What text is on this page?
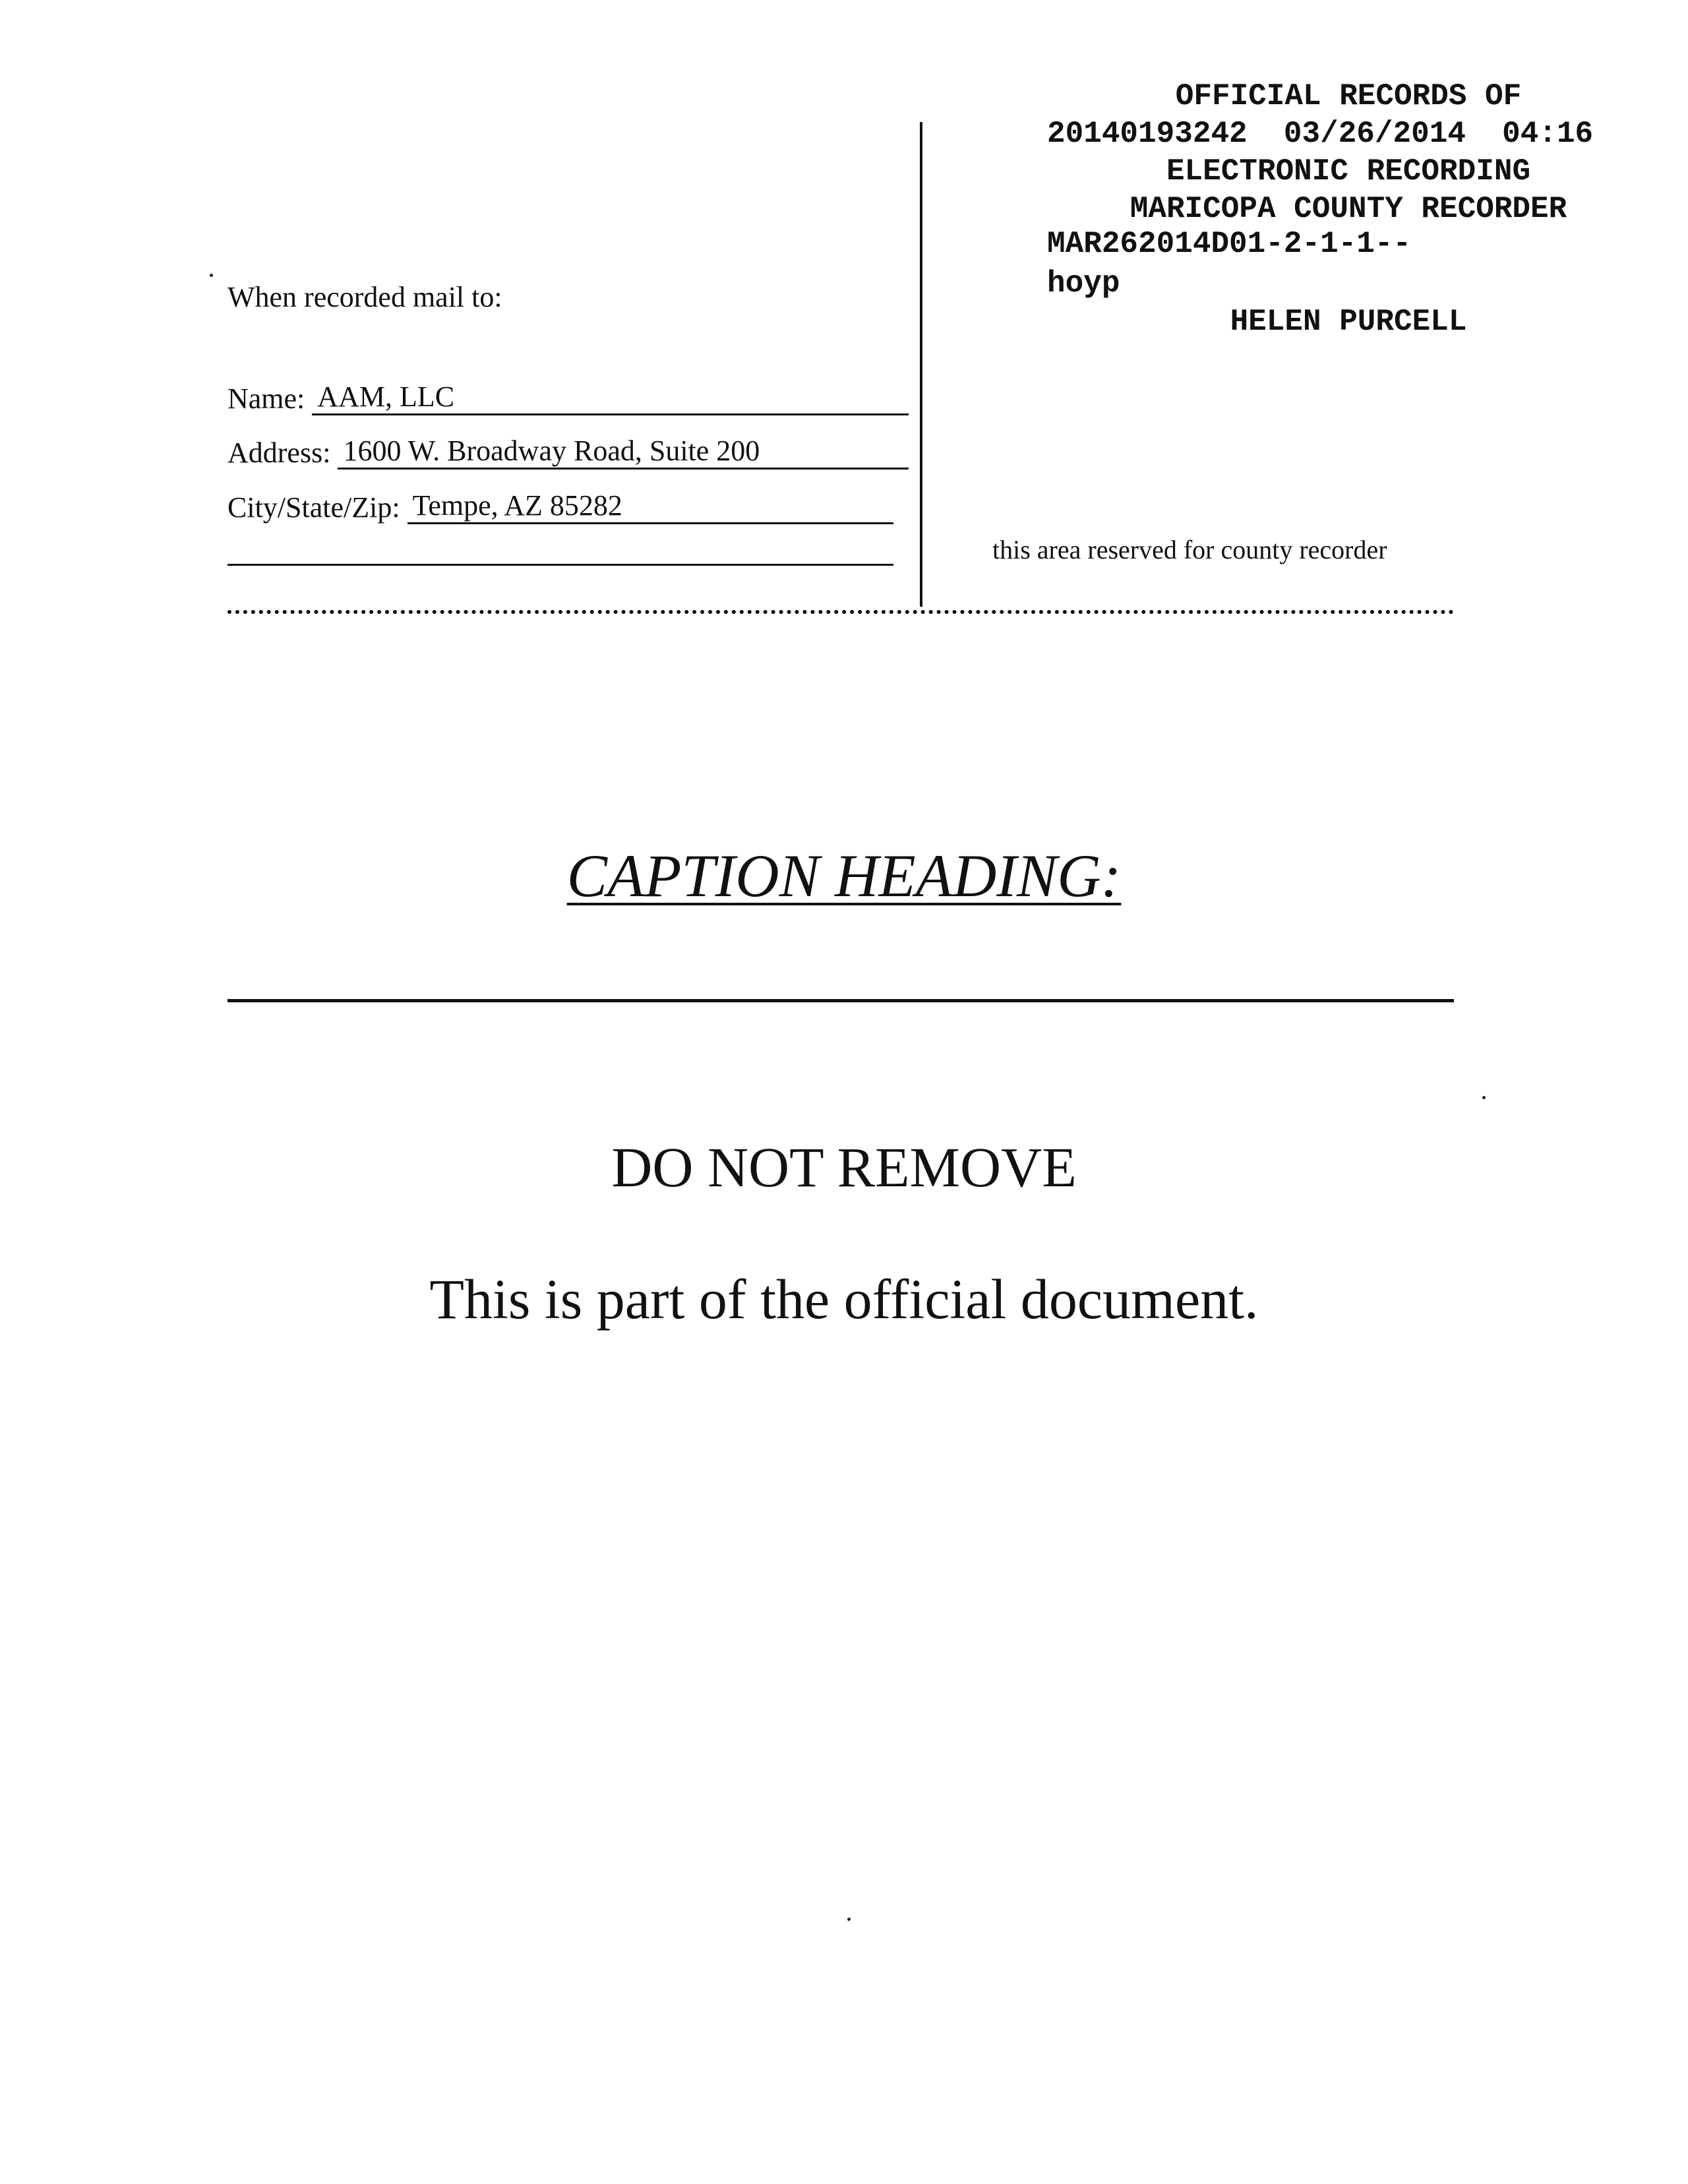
OFFICIAL RECORDS OF

MARICOPA COUNTY RECORDER

HELEN PURCELL

20140193242 03/26/2014 04:16
ELECTRONIC RECORDING
MAR262014D01-2-1-1--
hoyp
When recorded mail to:
Name: AAM, LLC
Address: 1600 W. Broadway Road, Suite 200
City/State/Zip: Tempe, AZ 85282
this area reserved for county recorder
CAPTION HEADING:
DO NOT REMOVE
This is part of the official document.
